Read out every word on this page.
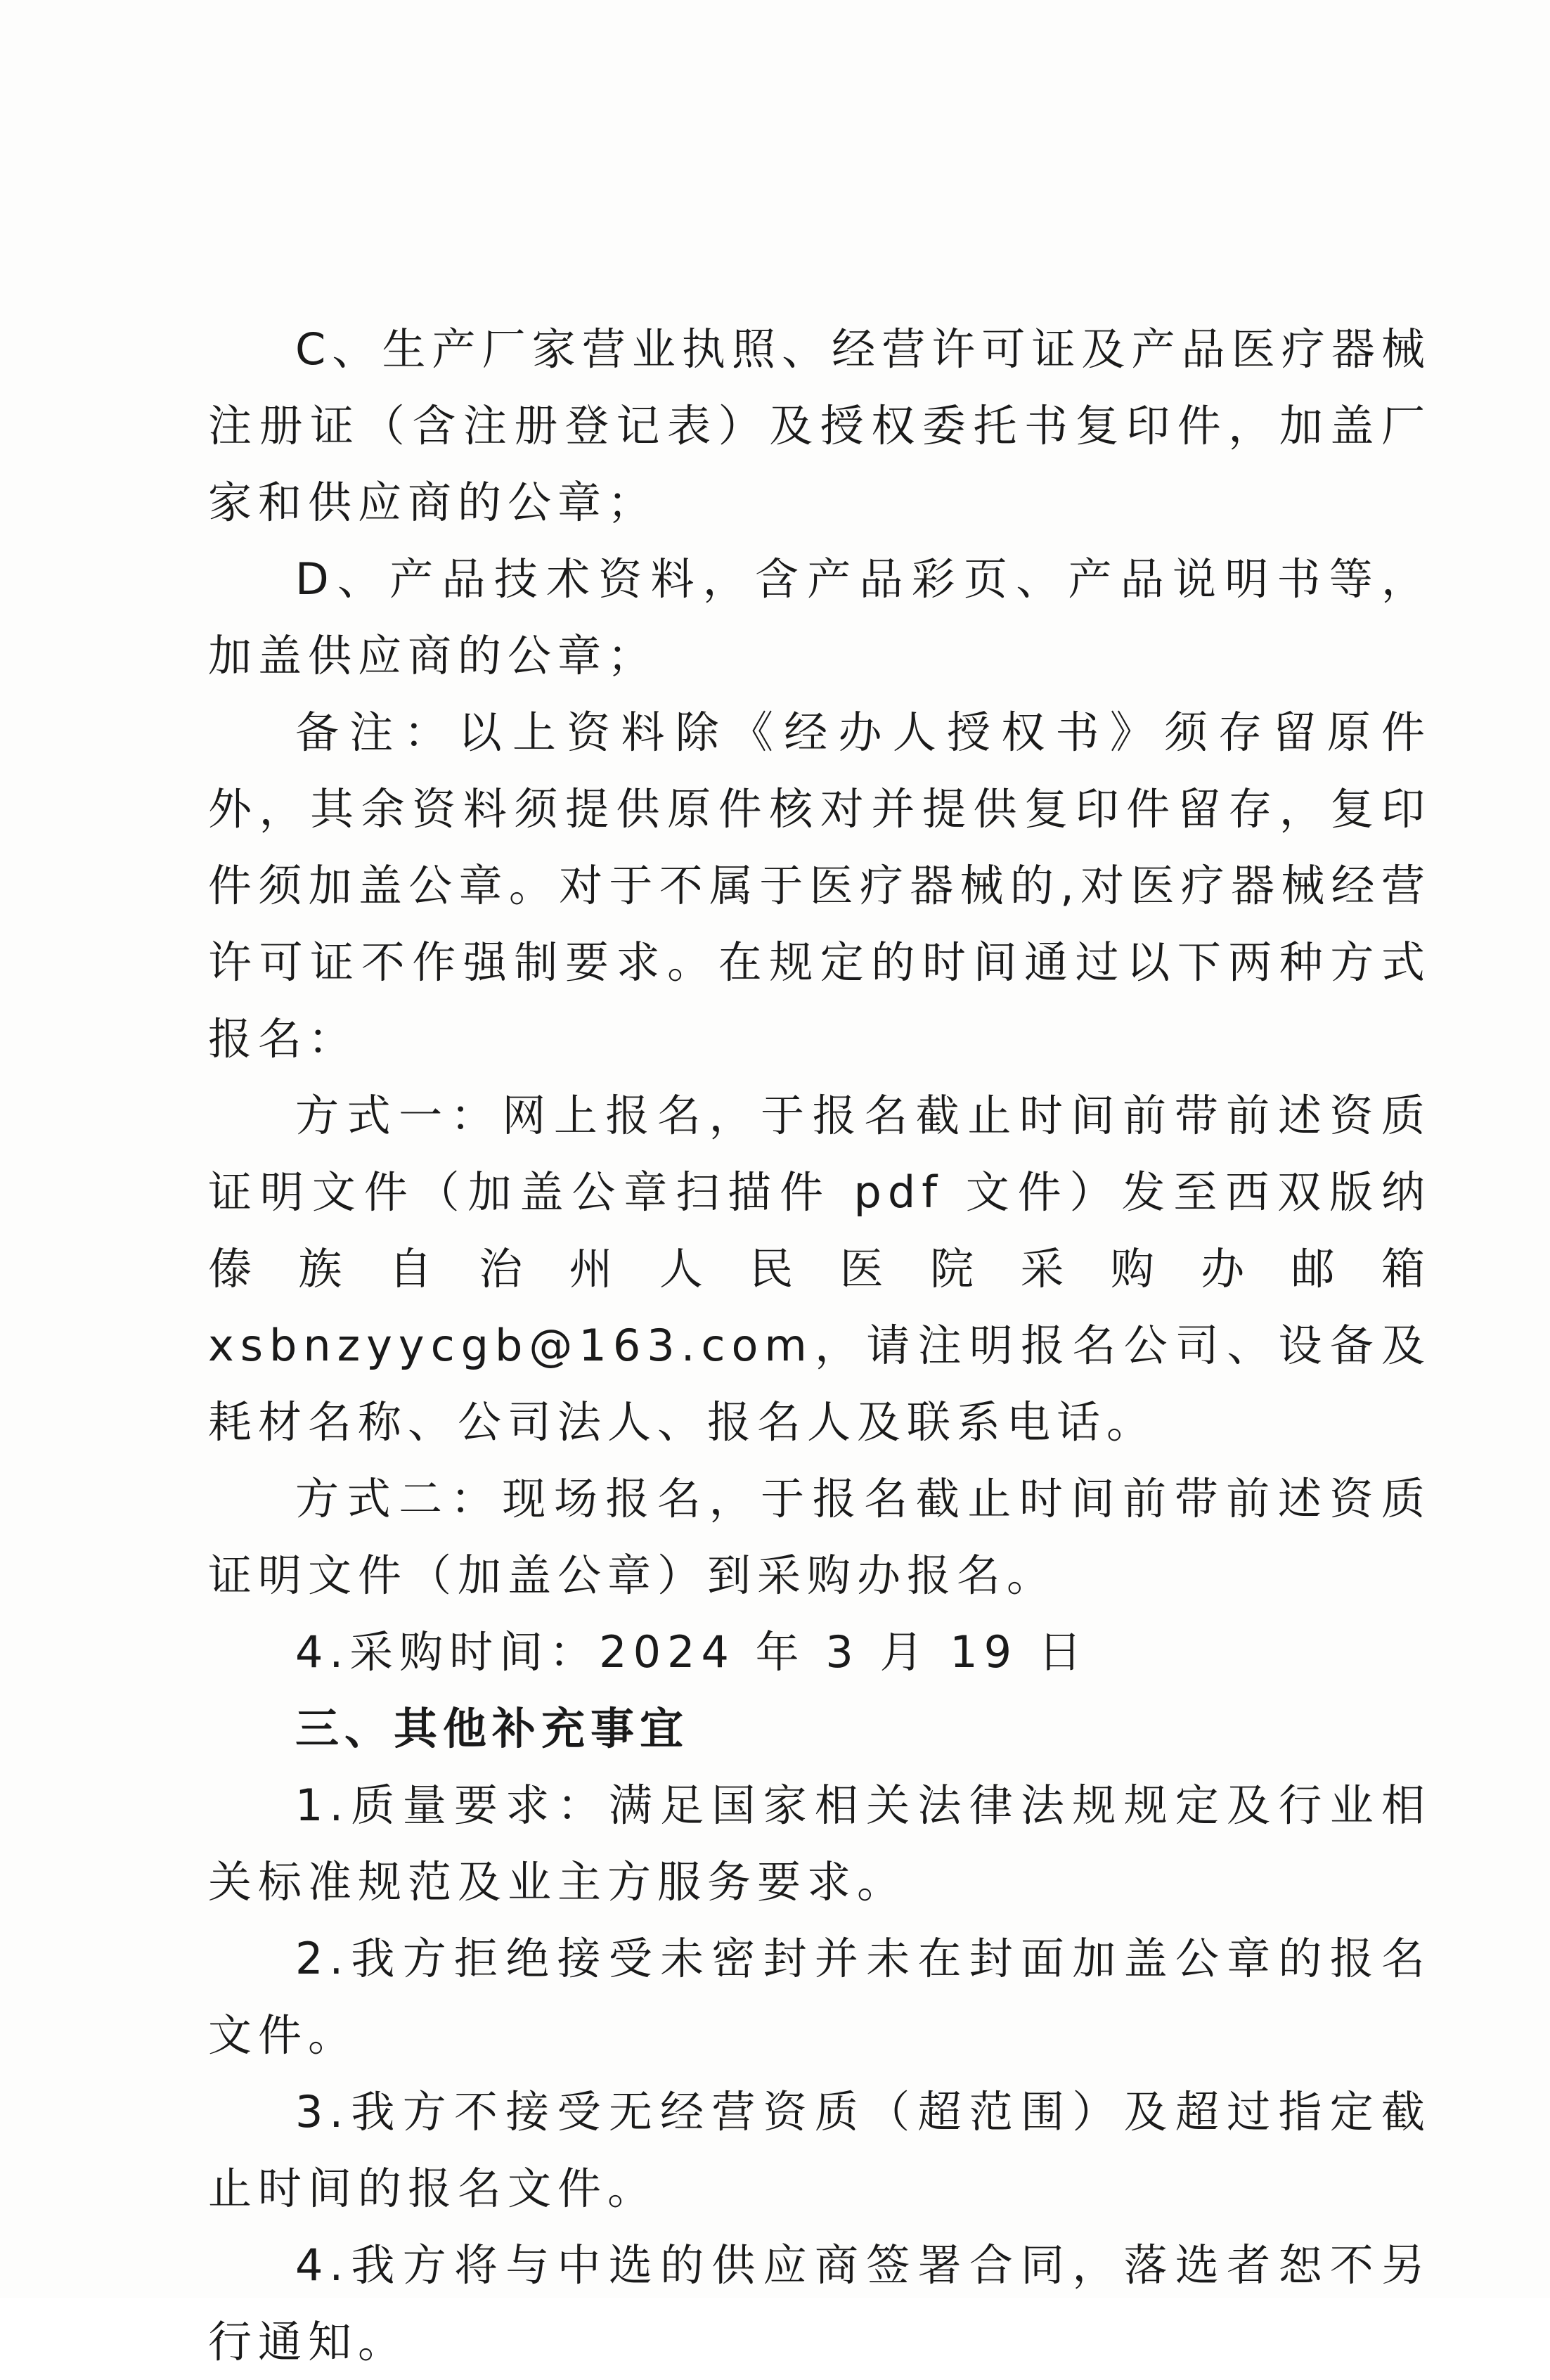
C、生产厂家营业执照、经营许可证及产品医疗器械注册证（含注册登记表）及授权委托书复印件，加盖厂家和供应商的公章；

D、产品技术资料，含产品彩页、产品说明书等，加盖供应商的公章；

备注：以上资料除《经办人授权书》须存留原件外，其余资料须提供原件核对并提供复印件留存，复印件须加盖公章。对于不属于医疗器械的,对医疗器械经营许可证不作强制要求。在规定的时间通过以下两种方式报名：

方式一：网上报名，于报名截止时间前带前述资质证明文件（加盖公章扫描件 pdf 文件）发至西双版纳傣族自治州人民医院采购办邮箱 xsbnzyycgb@163.com，请注明报名公司、设备及耗材名称、公司法人、报名人及联系电话。

方式二：现场报名，于报名截止时间前带前述资质证明文件（加盖公章）到采购办报名。

4.采购时间：2024 年 3 月 19 日

三、其他补充事宜

1.质量要求：满足国家相关法律法规规定及行业相关标准规范及业主方服务要求。

2.我方拒绝接受未密封并未在封面加盖公章的报名文件。

3.我方不接受无经营资质（超范围）及超过指定截止时间的报名文件。

4.我方将与中选的供应商签署合同，落选者恕不另行通知。
